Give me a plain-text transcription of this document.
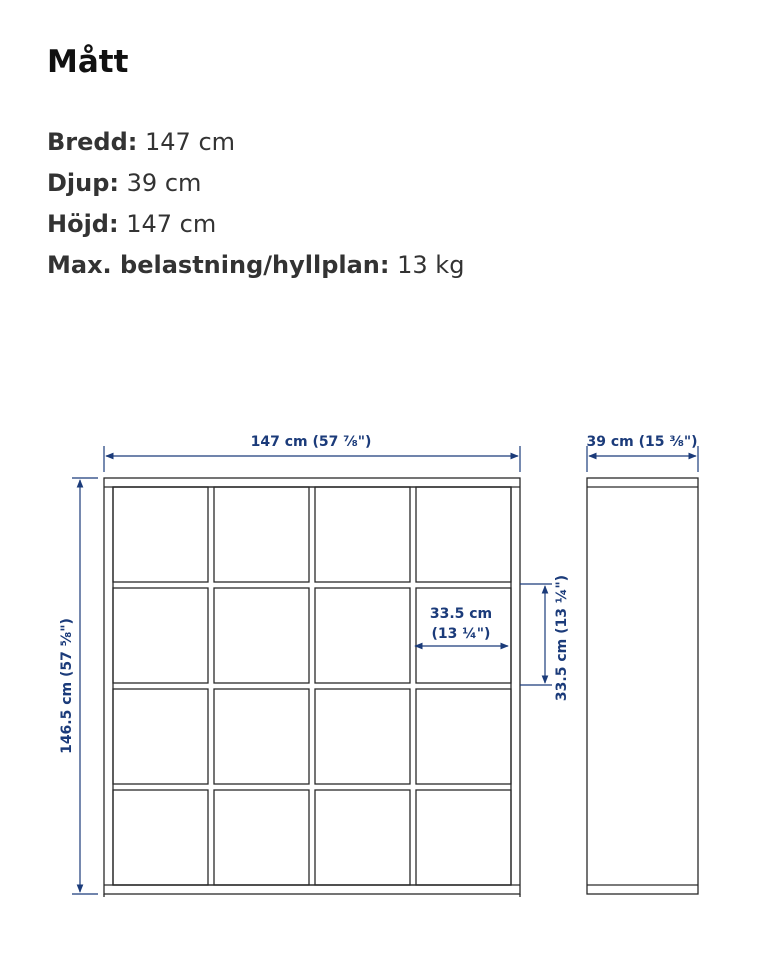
Mått
Bredd: 147 cm
Djup: 39 cm
Höjd: 147 cm
Max. belastning/hyllplan: 13 kg
147 cm (57 ⅞")	39 cm (15 ⅜")
146.5 cm (57 ⅝")
33.5 cm
(13 ¼")	33.5 cm (13 ¼")
